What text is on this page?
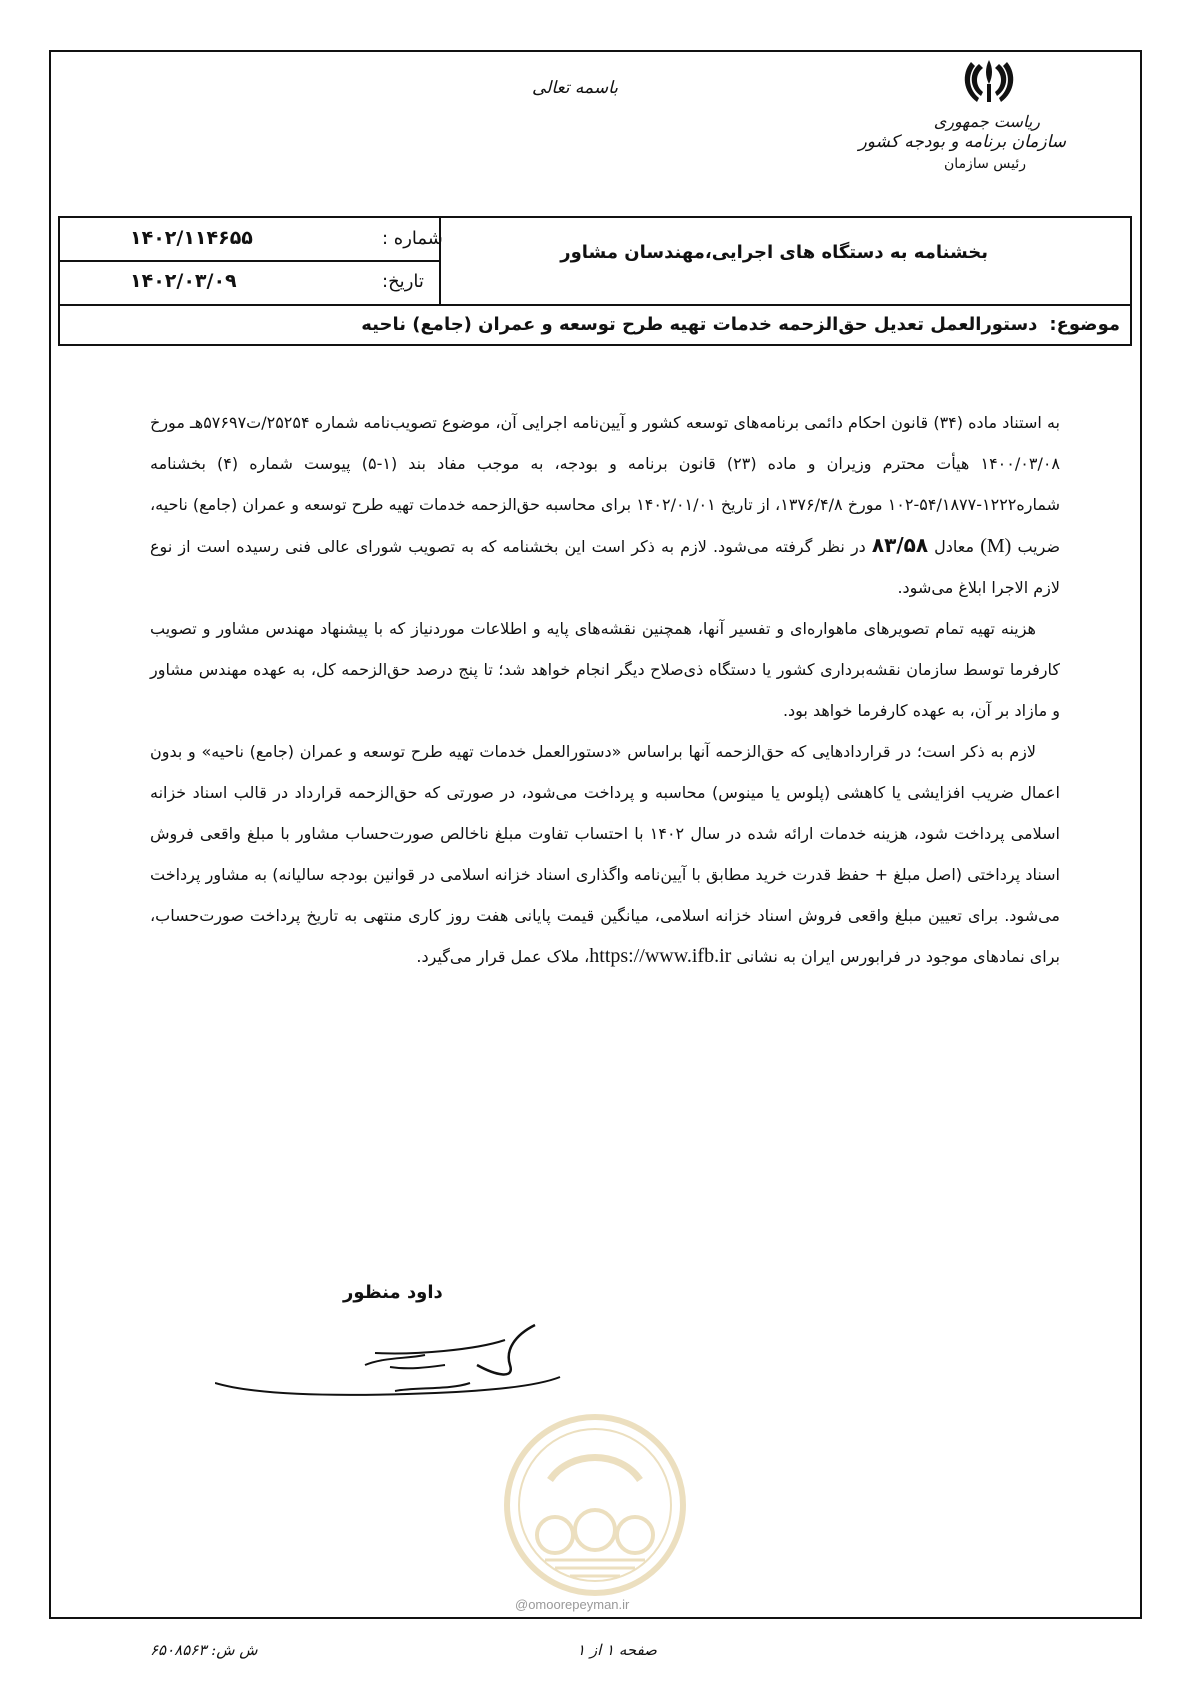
باسمه تعالی
ریاست جمهوری
سازمان برنامه و بودجه کشور
رئیس سازمان
بخشنامه به دستگاه های اجرایی،مهندسان مشاور
شماره :
۱۴۰۲/۱۱۴۶۵۵
تاریخ:
۱۴۰۲/۰۳/۰۹
موضوع:دستورالعمل تعدیل حق‌الزحمه خدمات تهیه طرح توسعه و عمران (جامع) ناحیه

به استناد ماده (۳۴) قانون احکام دائمی برنامه‌های توسعه کشور و آیین‌نامه اجرایی آن، موضوع تصویب‌نامه شماره ۲۵۲۵۴/ت۵۷۶۹۷هـ مورخ ۱۴۰۰/۰۳/۰۸ هیأت محترم وزیران و ماده (۲۳) قانون برنامه و بودجه، به موجب مفاد بند (۱-۵) پیوست شماره (۴) بخشنامه شماره۱۲۲۲-۵۴/۱۸۷۷-۱۰۲ مورخ ۱۳۷۶/۴/۸، از تاریخ ۱۴۰۲/۰۱/۰۱ برای محاسبه حق‌الزحمه خدمات تهیه طرح توسعه و عمران (جامع) ناحیه، ضریب (M) معادل ۸۳/۵۸ در نظر گرفته می‌شود. لازم به ذکر است این بخشنامه که به تصویب شورای عالی فنی رسیده است از نوع لازم الاجرا ابلاغ می‌شود.

هزینه تهیه تمام تصویرهای ماهواره‌ای و تفسیر آنها، همچنین نقشه‌های پایه و اطلاعات موردنیاز که با پیشنهاد مهندس مشاور و تصویب کارفرما توسط سازمان نقشه‌برداری کشور یا دستگاه ذی‌صلاح دیگر انجام خواهد شد؛ تا پنج درصد حق‌الزحمه کل، به عهده مهندس مشاور و مازاد بر آن، به عهده کارفرما خواهد بود.

لازم به ذکر است؛ در قراردادهایی که حق‌الزحمه آنها براساس «دستورالعمل خدمات تهیه طرح توسعه و عمران (جامع) ناحیه» و بدون اعمال ضریب افزایشی یا کاهشی (پلوس یا مینوس) محاسبه و پرداخت می‌شود، در صورتی که حق‌الزحمه قرارداد در قالب اسناد خزانه اسلامی پرداخت شود، هزینه خدمات ارائه شده در سال ۱۴۰۲ با احتساب تفاوت مبلغ ناخالص صورت‌حساب مشاور با مبلغ واقعی فروش اسناد پرداختی (اصل مبلغ + حفظ قدرت خرید مطابق با آیین‌نامه واگذاری اسناد خزانه اسلامی در قوانین بودجه سالیانه) به مشاور پرداخت می‌شود. برای تعیین مبلغ واقعی فروش اسناد خزانه اسلامی، میانگین قیمت پایانی هفت روز کاری منتهی به تاریخ پرداخت صورت‌حساب، برای نمادهای موجود در فرابورس ایران به نشانی https://www.ifb.ir، ملاک عمل قرار می‌گیرد.

داود منظور
@omoorepeyman.ir
ش ش: ۶۵۰۸۵۶۳	صفحه ۱ از ۱
